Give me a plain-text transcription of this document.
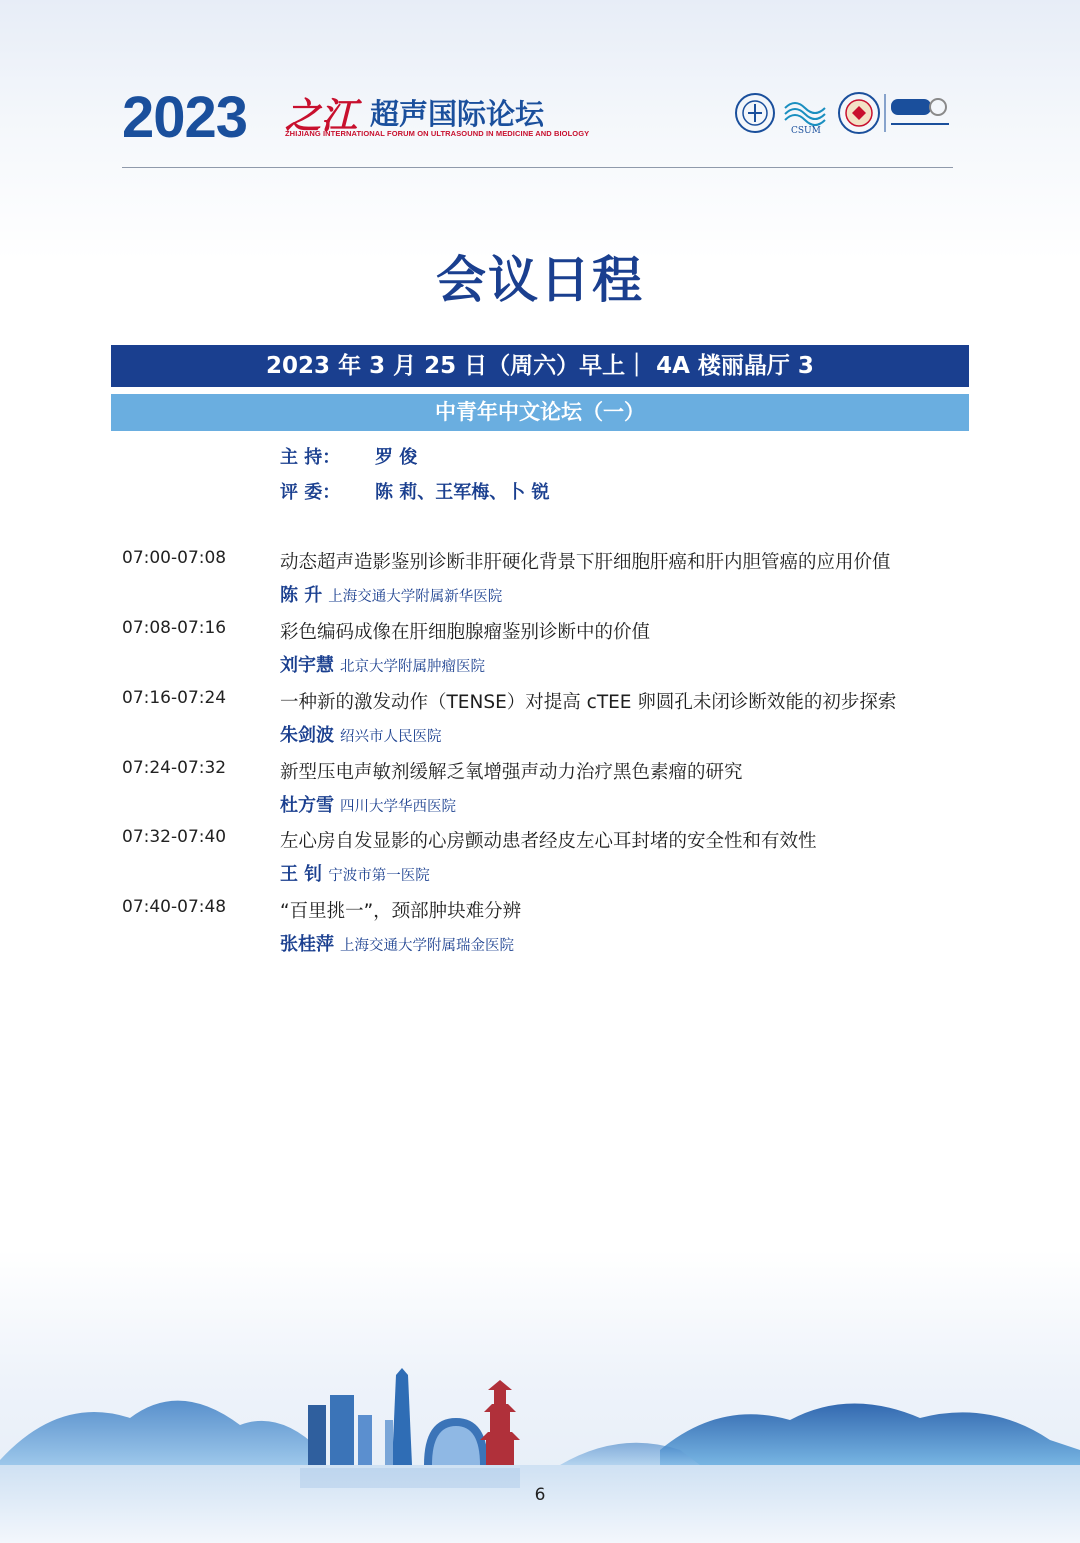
2023 之江 超声国际论坛
ZHIJIANG INTERNATIONAL FORUM ON ULTRASOUND IN MEDICINE AND BIOLOGY	CSUM
会议日程
2023 年 3 月 25 日（周六）早上｜ 4A 楼丽晶厅 3
中青年中文论坛（一）
主 持： 罗 俊
评 委： 陈 莉、王军梅、卜 锐
07:00-07:08	动态超声造影鉴别诊断非肝硬化背景下肝细胞肝癌和肝内胆管癌的应用价值
陈 升 上海交通大学附属新华医院
07:08-07:16	彩色编码成像在肝细胞腺瘤鉴别诊断中的价值
刘宇慧 北京大学附属肿瘤医院
07:16-07:24	一种新的激发动作（TENSE）对提高 cTEE 卵圆孔未闭诊断效能的初步探索
朱剑波 绍兴市人民医院
07:24-07:32	新型压电声敏剂缓解乏氧增强声动力治疗黑色素瘤的研究
杜方雪 四川大学华西医院
07:32-07:40	左心房自发显影的心房颤动患者经皮左心耳封堵的安全性和有效性
王 钊 宁波市第一医院
07:40-07:48	“百里挑一”，颈部肿块难分辨
张桂萍 上海交通大学附属瑞金医院
6
